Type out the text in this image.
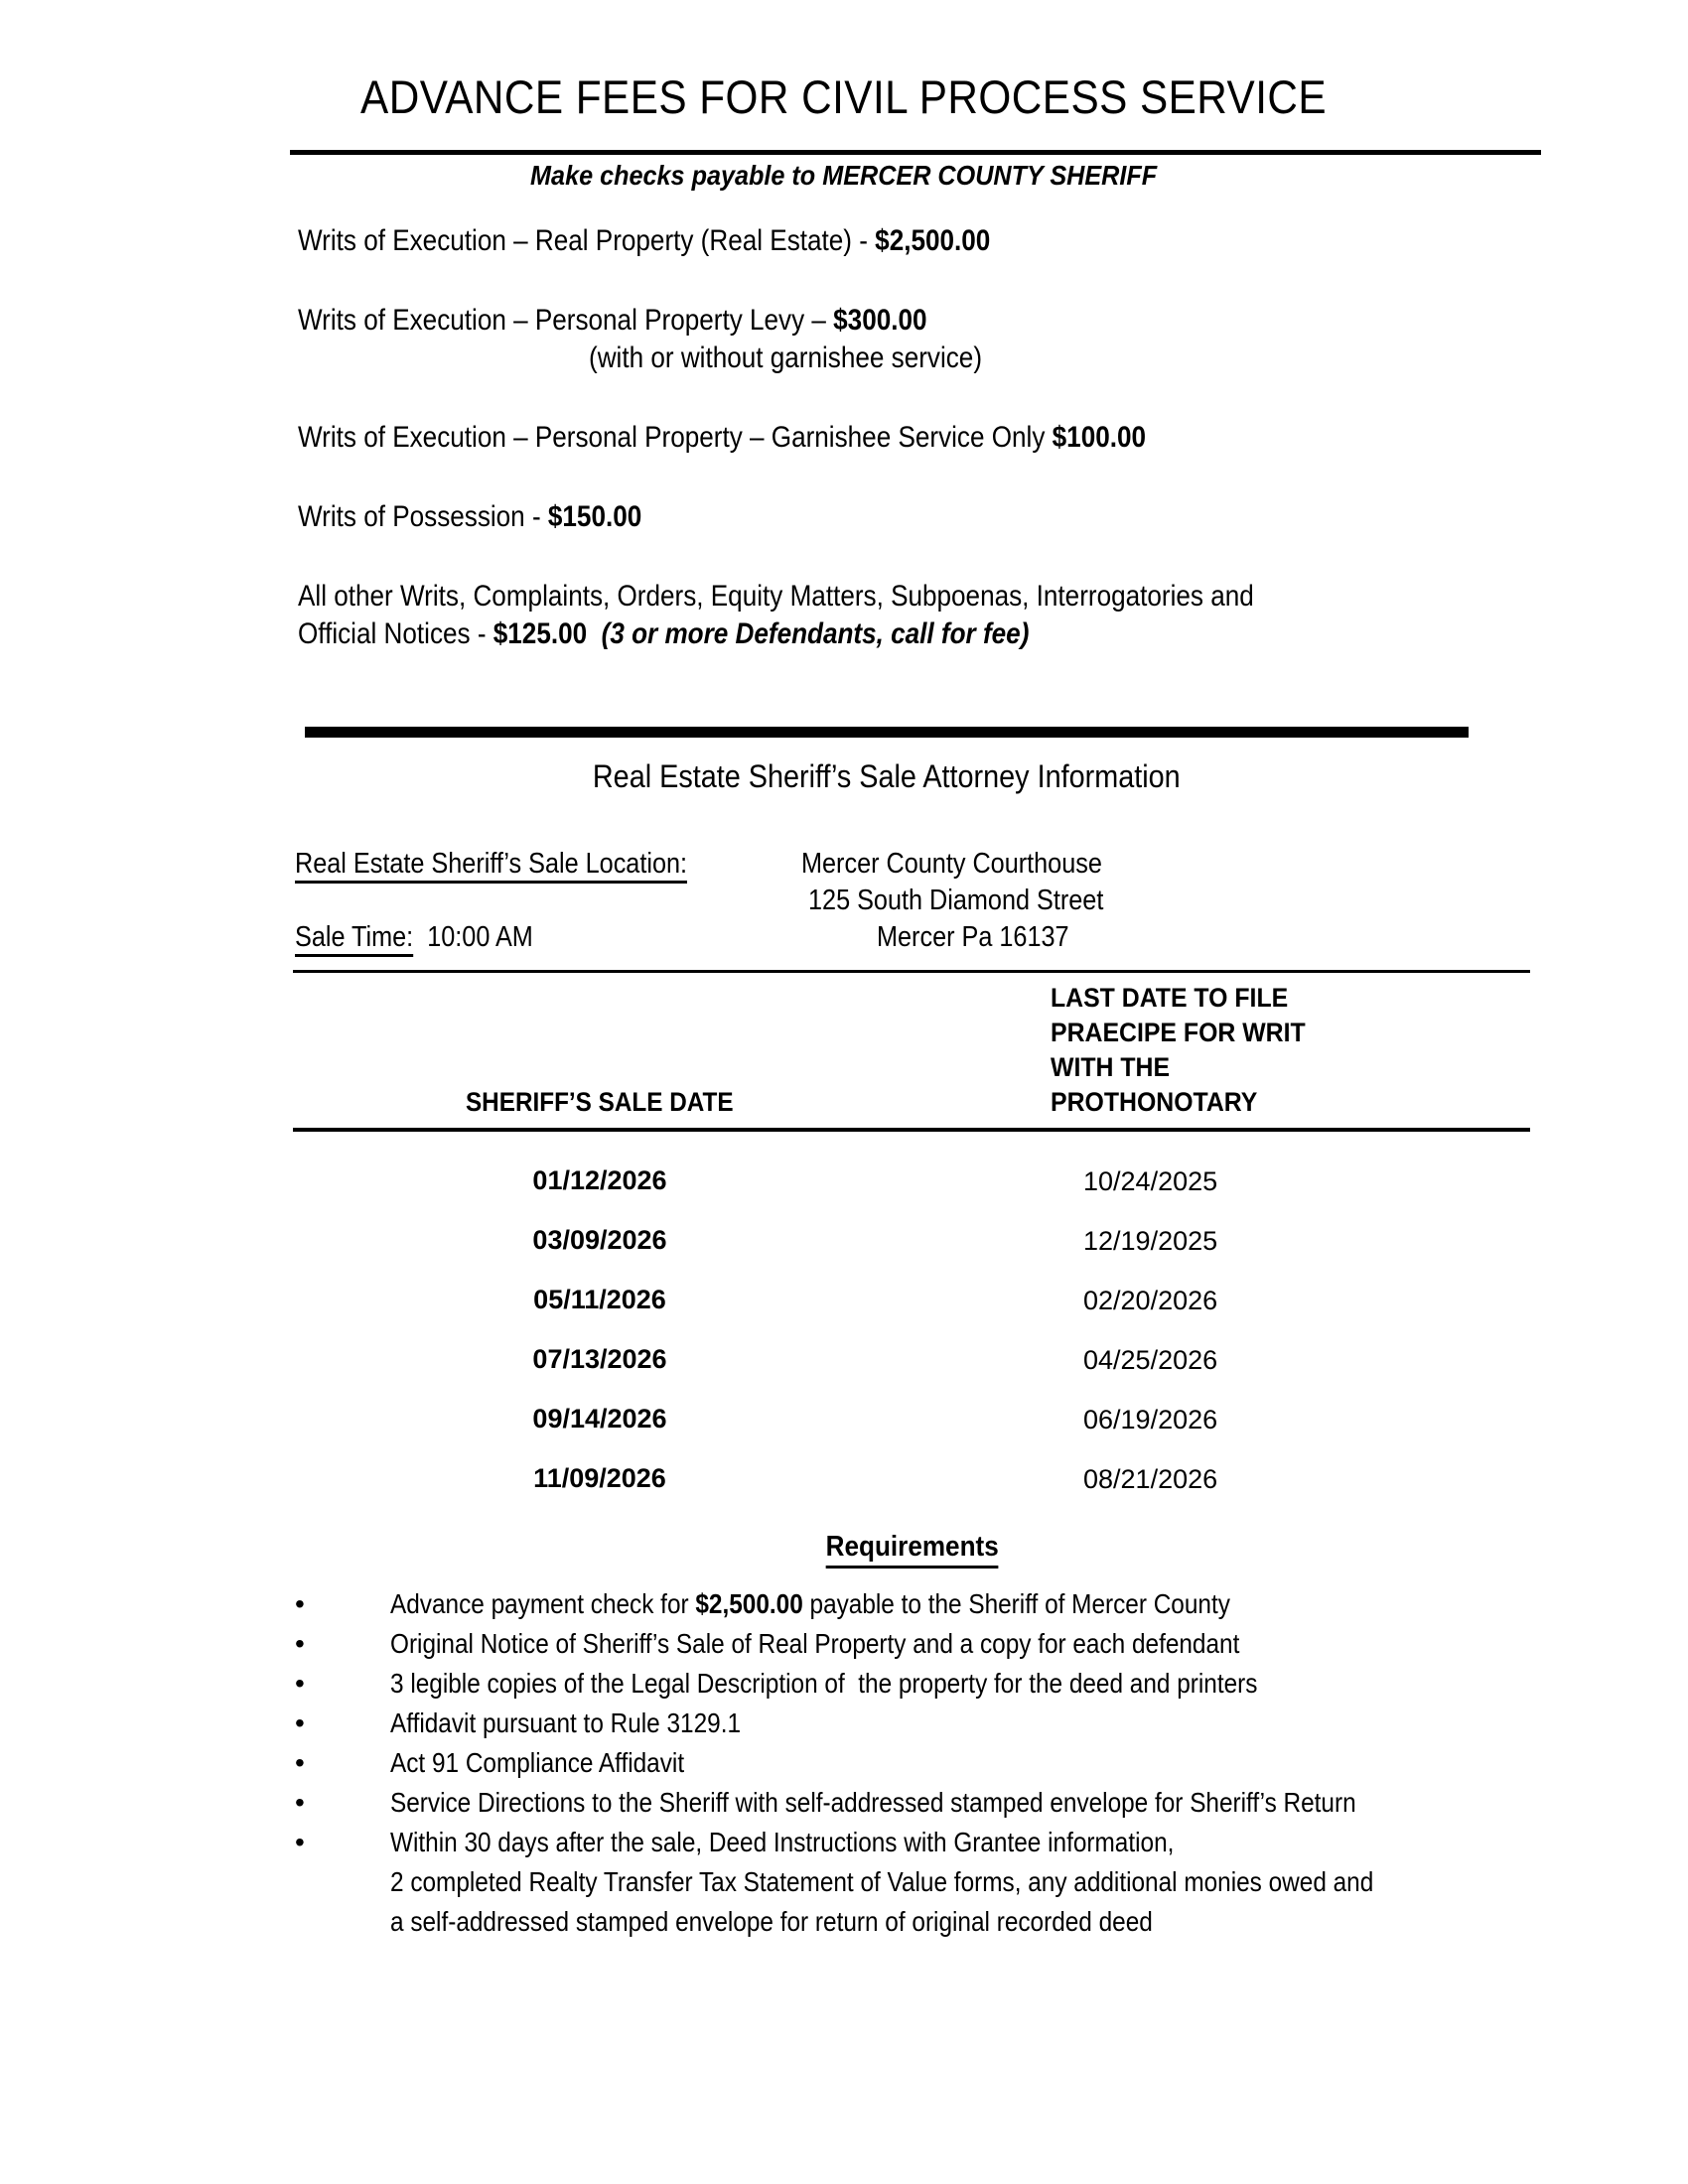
ADVANCE FEES FOR CIVIL PROCESS SERVICE
Make checks payable to MERCER COUNTY SHERIFF
Writs of Execution – Real Property (Real Estate) - $2,500.00
Writs of Execution – Personal Property Levy – $300.00
(with or without garnishee service)
Writs of Execution – Personal Property – Garnishee Service Only $100.00
Writs of Possession - $150.00
All other Writs, Complaints, Orders, Equity Matters, Subpoenas, Interrogatories and
Official Notices - $125.00 (3 or more Defendants, call for fee)
Real Estate Sheriff’s Sale Attorney Information
Real Estate Sheriff’s Sale Location:	Mercer County Courthouse
125 South Diamond Street
Sale Time: 10:00 AM	Mercer Pa 16137
SHERIFF’S SALE DATE	LAST DATE TO FILE
PRAECIPE FOR WRIT
WITH THE
PROTHONOTARY

01/12/2026	10/24/2025
03/09/2026	12/19/2025
05/11/2026	02/20/2026
07/13/2026	04/25/2026
09/14/2026	06/19/2026
11/09/2026	08/21/2026
Requirements
•	Advance payment check for $2,500.00 payable to the Sheriff of Mercer County
•	Original Notice of Sheriff’s Sale of Real Property and a copy for each defendant
•	3 legible copies of the Legal Description of  the property for the deed and printers
•	Affidavit pursuant to Rule 3129.1
•	Act 91 Compliance Affidavit
•	Service Directions to the Sheriff with self-addressed stamped envelope for Sheriff’s Return
•	Within 30 days after the sale, Deed Instructions with Grantee information,
2 completed Realty Transfer Tax Statement of Value forms, any additional monies owed and
a self-addressed stamped envelope for return of original recorded deed
